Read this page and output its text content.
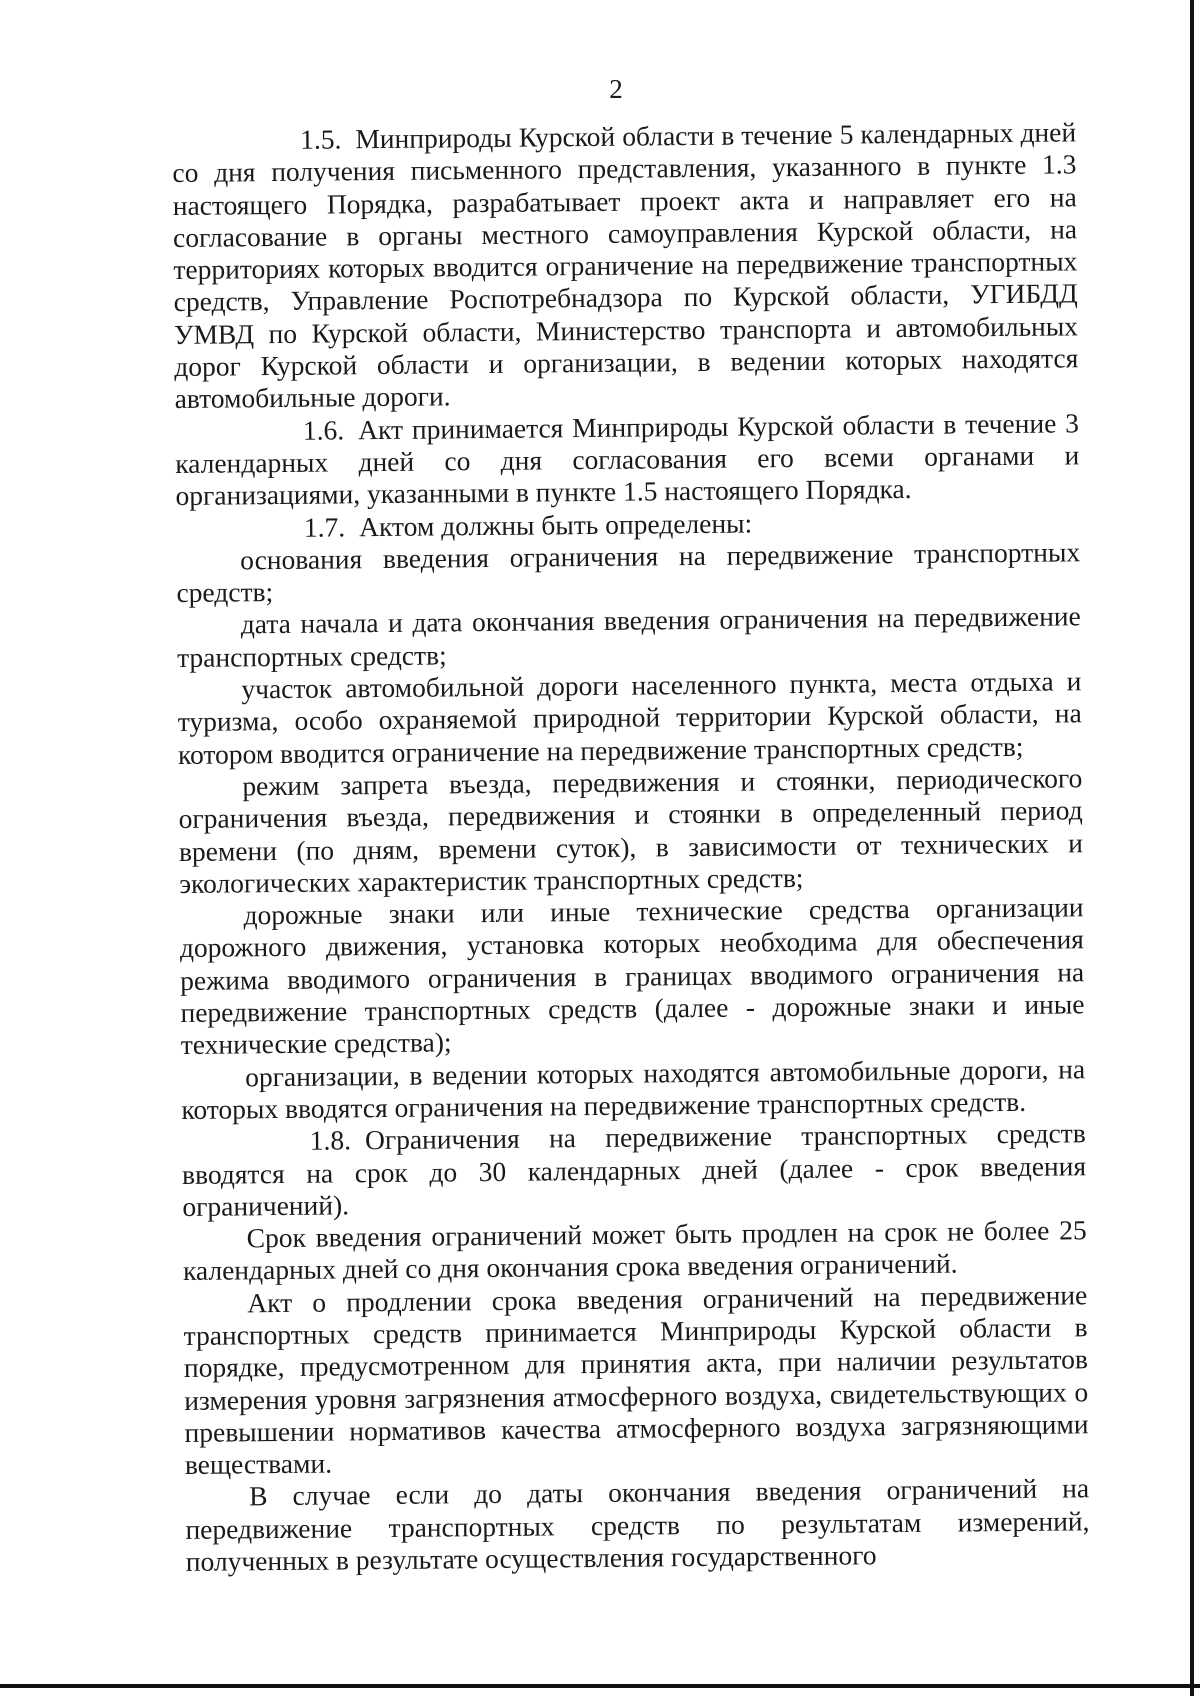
2

1.5. Минприроды Курской области в течение 5 календарных дней со дня получения письменного представления, указанного в пункте 1.3 настоящего Порядка, разрабатывает проект акта и направляет его на согласование в органы местного самоуправления Курской области, на территориях которых вводится ограничение на передвижение транспортных средств, Управление Роспотребнадзора по Курской области, УГИБДД УМВД по Курской области, Министерство транспорта и автомобильных дорог Курской области и организации, в ведении которых находятся автомобильные дороги.

1.6. Акт принимается Минприроды Курской области в течение 3 календарных дней со дня согласования его всеми органами и организациями, указанными в пункте 1.5 настоящего Порядка.

1.7. Актом должны быть определены:

основания введения ограничения на передвижение транспортных средств;

дата начала и дата окончания введения ограничения на передвижение транспортных средств;

участок автомобильной дороги населенного пункта, места отдыха и туризма, особо охраняемой природной территории Курской области, на котором вводится ограничение на передвижение транспортных средств;

режим запрета въезда, передвижения и стоянки, периодического ограничения въезда, передвижения и стоянки в определенный период времени (по дням, времени суток), в зависимости от технических и экологических характеристик транспортных средств;

дорожные знаки или иные технические средства организации дорожного движения, установка которых необходима для обеспечения режима вводимого ограничения в границах вводимого ограничения на передвижение транспортных средств (далее - дорожные знаки и иные технические средства);

организации, в ведении которых находятся автомобильные дороги, на которых вводятся ограничения на передвижение транспортных средств.

1.8. Ограничения на передвижение транспортных средств вводятся на срок до 30 календарных дней (далее - срок введения ограничений).

Срок введения ограничений может быть продлен на срок не более 25 календарных дней со дня окончания срока введения ограничений.

Акт о продлении срока введения ограничений на передвижение транспортных средств принимается Минприроды Курской области в порядке, предусмотренном для принятия акта, при наличии результатов измерения уровня загрязнения атмосферного воздуха, свидетельствующих о превышении нормативов качества атмосферного воздуха загрязняющими веществами.

В случае если до даты окончания введения ограничений на передвижение транспортных средств по результатам измерений, полученных в результате осуществления государственного
